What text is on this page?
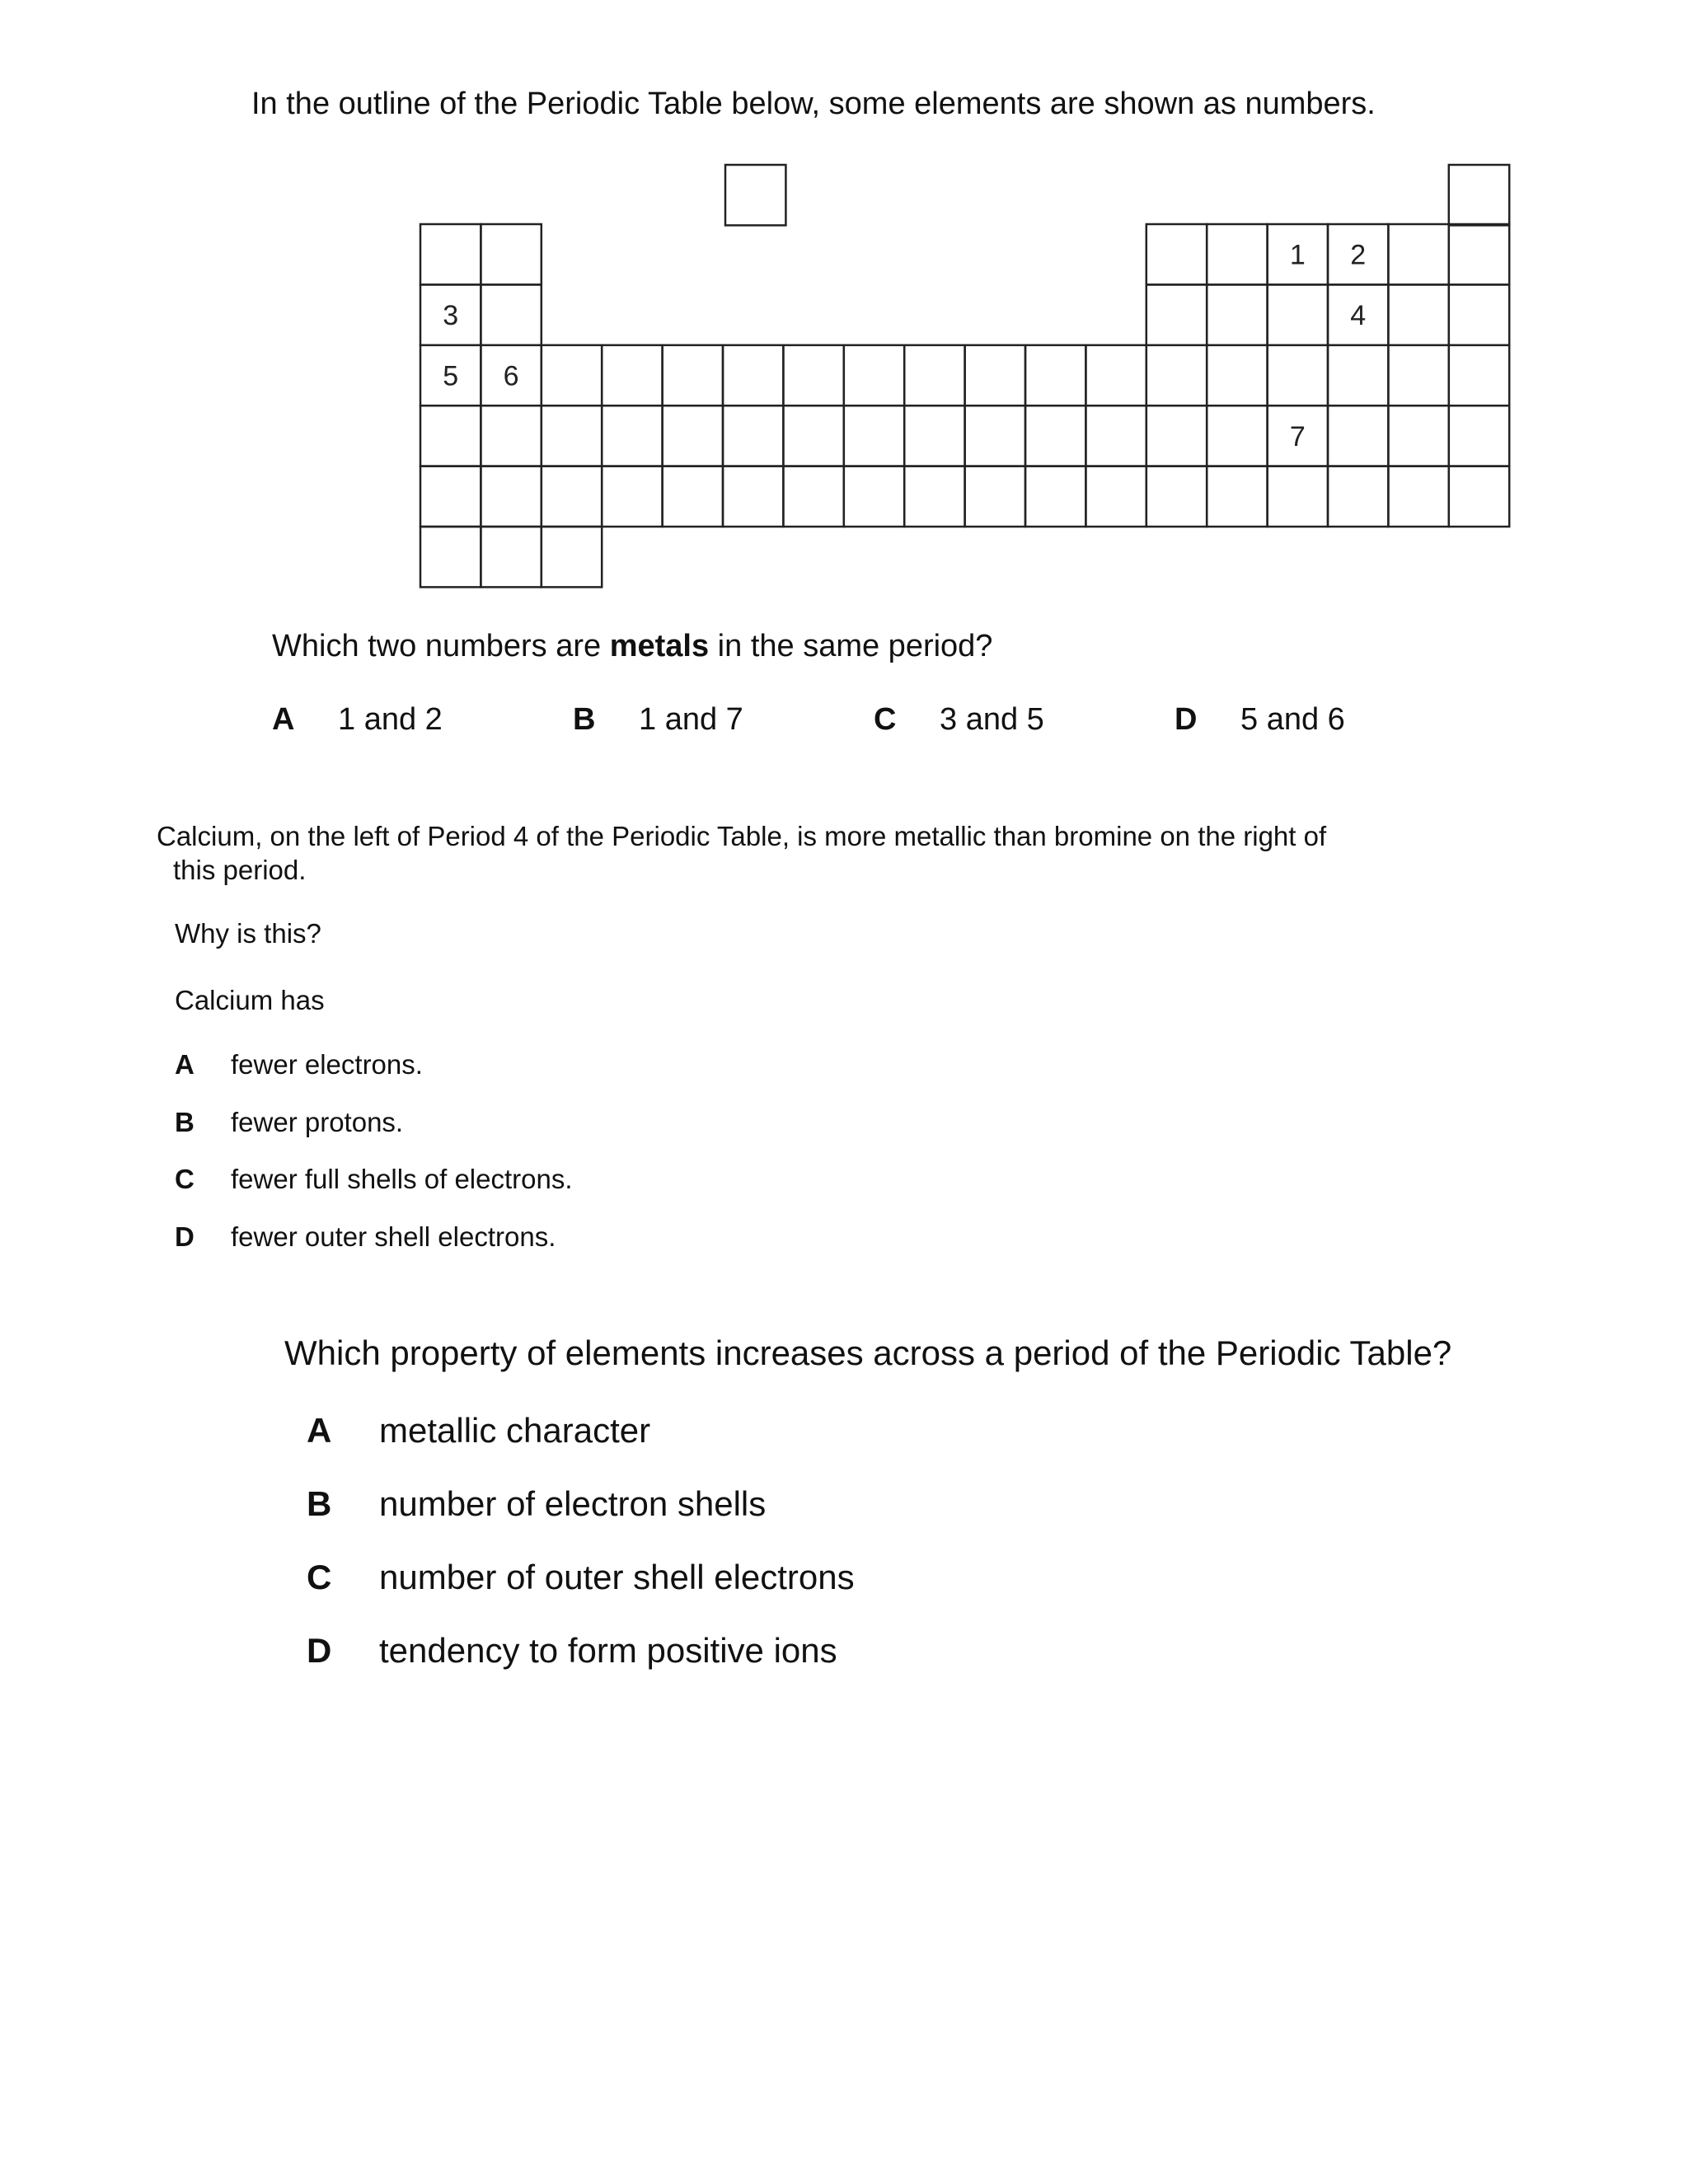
In the outline of the Periodic Table below, some elements are shown as numbers.
1 2
3	4
5 6
7
Which two numbers are metals in the same period?
A 1 and 2	B 1 and 7	C 3 and 5	D 5 and 6
Calcium, on the left of Period 4 of the Periodic Table, is more metallic than bromine on the right of
this period.
Why is this?
Calcium has
A fewer electrons.
B fewer protons.
C fewer full shells of electrons.
D fewer outer shell electrons.
Which property of elements increases across a period of the Periodic Table?
A metallic character
B number of electron shells
C number of outer shell electrons
D tendency to form positive ions
